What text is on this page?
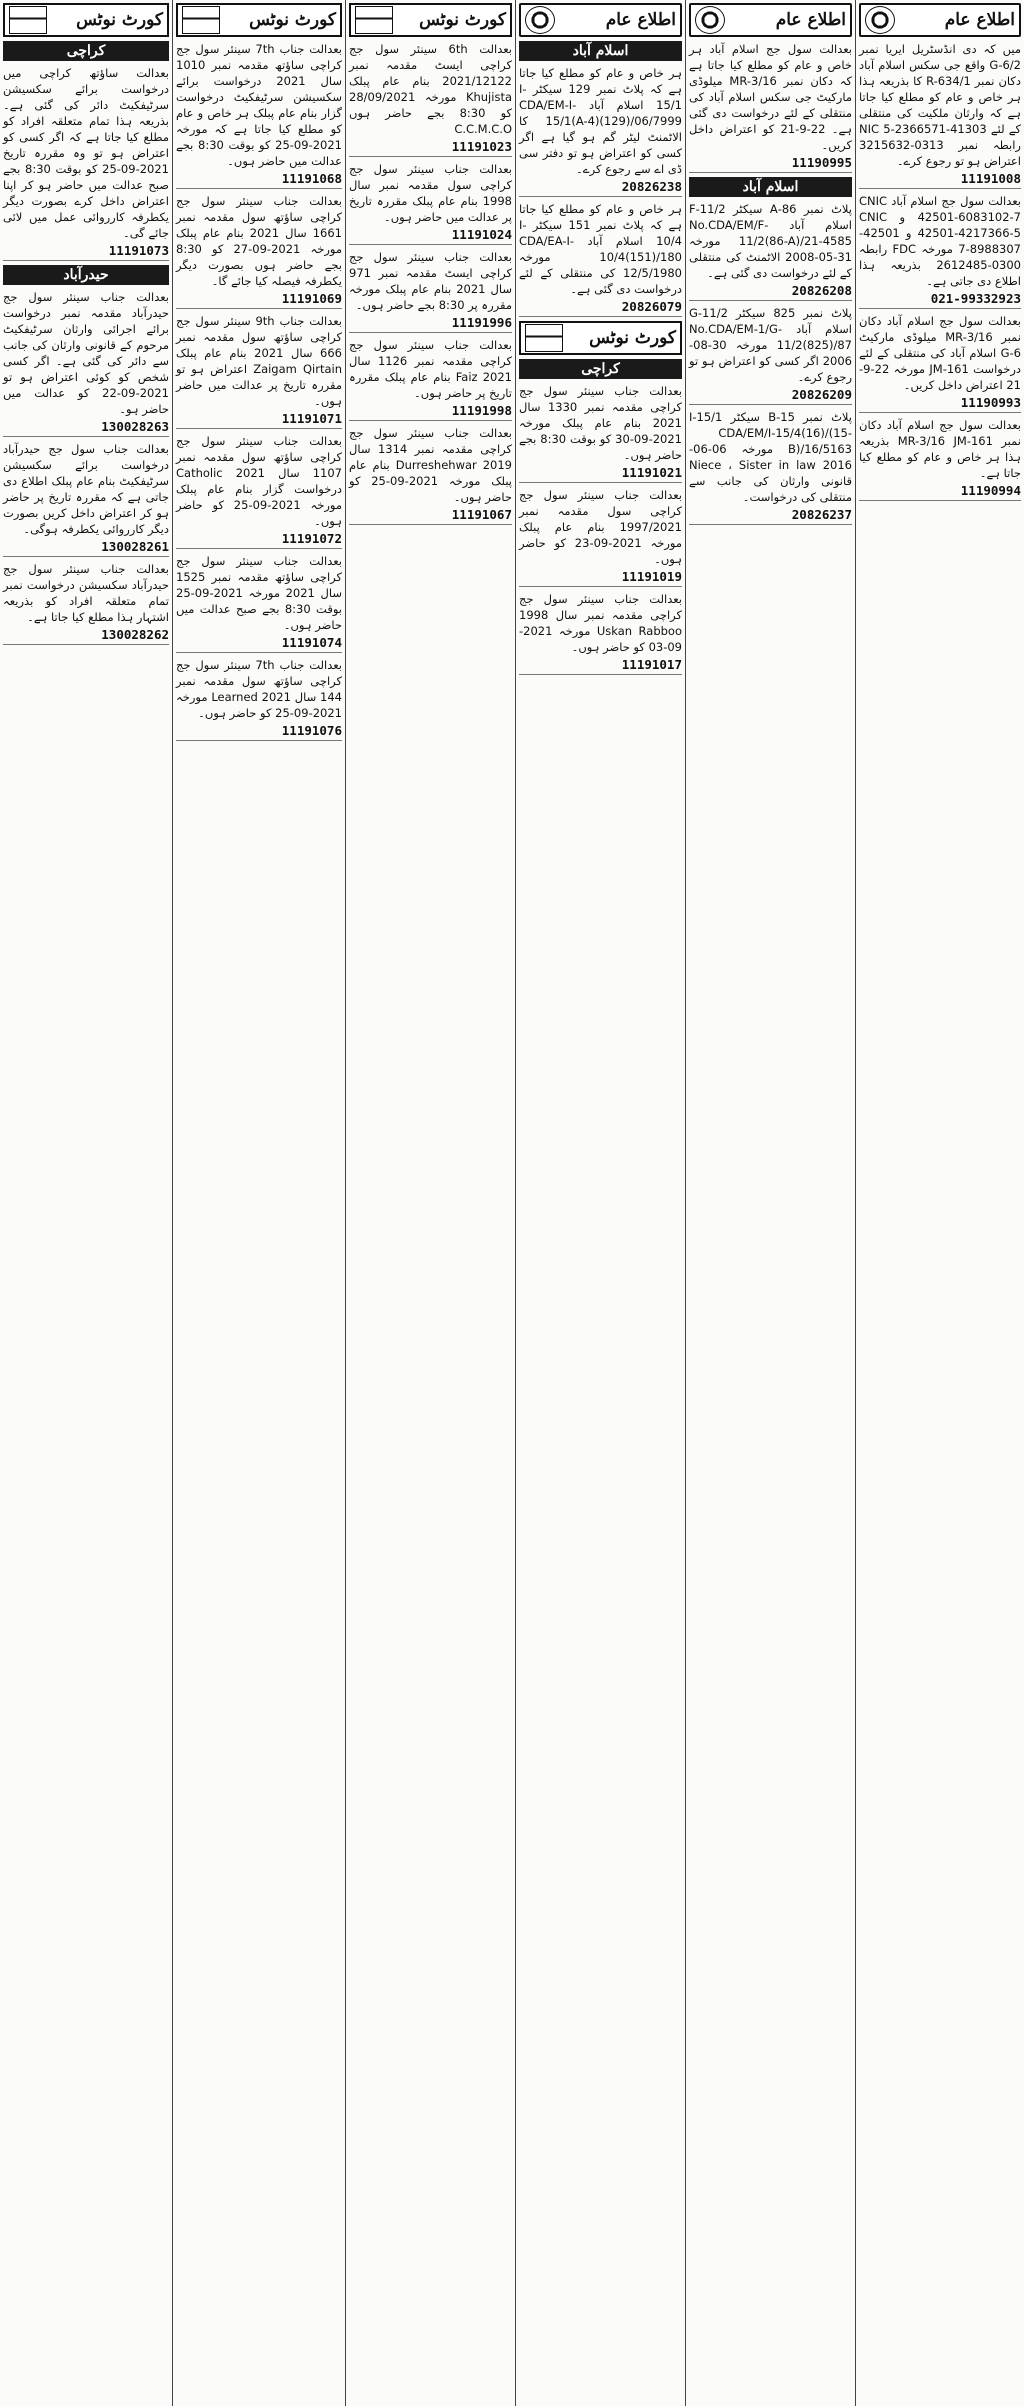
کورٹ نوٹس
کراچی

بعدالت ساؤتھ کراچی میں درخواست برائے سکسیشن سرٹیفکیٹ دائر کی گئی ہے۔ بذریعہ ہذا تمام متعلقہ افراد کو مطلع کیا جاتا ہے کہ اگر کسی کو اعتراض ہو تو وہ مقررہ تاریخ 2021-09-25 کو بوقت 8:30 بجے صبح عدالت میں حاضر ہو کر اپنا اعتراض داخل کرے بصورت دیگر یکطرفہ کارروائی عمل میں لائی جائے گی۔

11191073
حیدرآباد

بعدالت جناب سینئر سول جج حیدرآباد مقدمہ نمبر درخواست برائے اجرائی وارثان سرٹیفکیٹ مرحوم کے قانونی وارثان کی جانب سے دائر کی گئی ہے۔ اگر کسی شخص کو کوئی اعتراض ہو تو 2021-09-22 کو عدالت میں حاضر ہو۔

130028263

بعدالت جناب سول جج حیدرآباد درخواست برائے سکسیشن سرٹیفکیٹ بنام عام پبلک اطلاع دی جاتی ہے کہ مقررہ تاریخ پر حاضر ہو کر اعتراض داخل کریں بصورت دیگر کارروائی یکطرفہ ہوگی۔

130028261

بعدالت جناب سینئر سول جج حیدرآباد سکسیشن درخواست نمبر تمام متعلقہ افراد کو بذریعہ اشتہار ہذا مطلع کیا جاتا ہے۔

130028262
کورٹ نوٹس

بعدالت جناب 7th سینئر سول جج کراچی ساؤتھ مقدمہ نمبر 1010 سال 2021 درخواست برائے سکسیشن سرٹیفکیٹ درخواست گزار بنام عام پبلک ہر خاص و عام کو مطلع کیا جاتا ہے کہ مورخہ 2021-09-25 کو بوقت 8:30 بجے عدالت میں حاضر ہوں۔

11191068

بعدالت جناب سینئر سول جج کراچی ساؤتھ سول مقدمہ نمبر 1661 سال 2021 بنام عام پبلک مورخہ 2021-09-27 کو 8:30 بجے حاضر ہوں بصورت دیگر یکطرفہ فیصلہ کیا جائے گا۔

11191069

بعدالت جناب 9th سینئر سول جج کراچی ساؤتھ سول مقدمہ نمبر 666 سال 2021 بنام عام پبلک Zaigam Qirtain اعتراض ہو تو مقررہ تاریخ پر عدالت میں حاضر ہوں۔

11191071

بعدالت جناب سینئر سول جج کراچی ساؤتھ سول مقدمہ نمبر 1107 سال 2021 Catholic درخواست گزار بنام عام پبلک مورخہ 2021-09-25 کو حاضر ہوں۔

11191072

بعدالت جناب سینئر سول جج کراچی ساؤتھ مقدمہ نمبر 1525 سال 2021 مورخہ 2021-09-25 بوقت 8:30 بجے صبح عدالت میں حاضر ہوں۔

11191074

بعدالت جناب 7th سینئر سول جج کراچی ساؤتھ سول مقدمہ نمبر 144 سال 2021 Learned مورخہ 2021-09-25 کو حاضر ہوں۔

11191076
کورٹ نوٹس

بعدالت 6th سینئر سول جج کراچی ایسٹ مقدمہ نمبر 2021/12122 بنام عام پبلک Khujista مورخہ 28/09/2021 کو 8:30 بجے حاضر ہوں C.C.M.C.O

11191023

بعدالت جناب سینئر سول جج کراچی سول مقدمہ نمبر سال 1998 بنام عام پبلک مقررہ تاریخ پر عدالت میں حاضر ہوں۔

11191024

بعدالت جناب سینئر سول جج کراچی ایسٹ مقدمہ نمبر 971 سال 2021 بنام عام پبلک مورخہ مقررہ پر 8:30 بجے حاضر ہوں۔

11191996

بعدالت جناب سینئر سول جج کراچی مقدمہ نمبر 1126 سال 2021 Faiz بنام عام پبلک مقررہ تاریخ پر حاضر ہوں۔

11191998

بعدالت جناب سینئر سول جج کراچی مقدمہ نمبر 1314 سال 2019 Durreshehwar بنام عام پبلک مورخہ 2021-09-25 کو حاضر ہوں۔

11191067
اطلاع عام
اسلام آباد

ہر خاص و عام کو مطلع کیا جاتا ہے کہ پلاٹ نمبر 129 سیکٹر I-15/1 اسلام آباد CDA/EM-I-15/1(A-4)(129)/06/7999 کا الاٹمنٹ لیٹر گم ہو گیا ہے اگر کسی کو اعتراض ہو تو دفتر سی ڈی اے سے رجوع کرے۔

20826238

ہر خاص و عام کو مطلع کیا جاتا ہے کہ پلاٹ نمبر 151 سیکٹر I-10/4 اسلام آباد CDA/EA-I-10/4(151)/180 مورخہ 12/5/1980 کی منتقلی کے لئے درخواست دی گئی ہے۔

20826079
کورٹ نوٹس
کراچی

بعدالت جناب سینئر سول جج کراچی مقدمہ نمبر 1330 سال 2021 بنام عام پبلک مورخہ 2021-09-30 کو بوقت 8:30 بجے حاضر ہوں۔

11191021

بعدالت جناب سینئر سول جج کراچی سول مقدمہ نمبر 1997/2021 بنام عام پبلک مورخہ 2021-09-23 کو حاضر ہوں۔

11191019

بعدالت جناب سینئر سول جج کراچی مقدمہ نمبر سال 1998 Uskan Rabboo مورخہ 2021-09-03 کو حاضر ہوں۔

11191017
اطلاع عام

بعدالت سول جج اسلام آباد ہر خاص و عام کو مطلع کیا جاتا ہے کہ دکان نمبر MR-3/16 میلوڈی مارکیٹ جی سکس اسلام آباد کی منتقلی کے لئے درخواست دی گئی ہے۔ 22-9-21 کو اعتراض داخل کریں۔

11190995
اسلام آباد

پلاٹ نمبر 86-A سیکٹر F-11/2 اسلام آباد No.CDA/EM/F-11/2(86-A)/21-4585 مورخہ 31-05-2008 الاٹمنٹ کی منتقلی کے لئے درخواست دی گئی ہے۔

20826208

پلاٹ نمبر 825 سیکٹر G-11/2 اسلام آباد No.CDA/EM-1/G-11/2(825)/87 مورخہ 30-08-2006 اگر کسی کو اعتراض ہو تو رجوع کرے۔

20826209

پلاٹ نمبر 15-B سیکٹر I-15/1 CDA/EM/I-15/4(16)/(15-B)/16/5163 مورخہ 06-06-2016 Niece ، Sister in law قانونی وارثان کی جانب سے منتقلی کی درخواست۔

20826237
اطلاع عام

میں کہ دی انڈسٹریل ایریا نمبر G-6/2 واقع جی سکس اسلام آباد دکان نمبر R-634/1 کا بذریعہ ہذا ہر خاص و عام کو مطلع کیا جاتا ہے کہ وارثان ملکیت کی منتقلی کے لئے 41303-2366571-5 NIC رابطہ نمبر 0313-3215632 اعتراض ہو تو رجوع کرے۔

11191008

بعدالت سول جج اسلام آباد CNIC 42501-6083102-7 و CNIC 42501-4217366-5 و 42501-8988307-7 مورخہ FDC رابطہ 0300-2612485 بذریعہ ہذا اطلاع دی جاتی ہے۔

021-99332923

بعدالت سول جج اسلام آباد دکان نمبر MR-3/16 میلوڈی مارکیٹ G-6 اسلام آباد کی منتقلی کے لئے درخواست JM-161 مورخہ 22-9-21 اعتراض داخل کریں۔

11190993

بعدالت سول جج اسلام آباد دکان نمبر MR-3/16 JM-161 بذریعہ ہذا ہر خاص و عام کو مطلع کیا جاتا ہے۔

11190994
